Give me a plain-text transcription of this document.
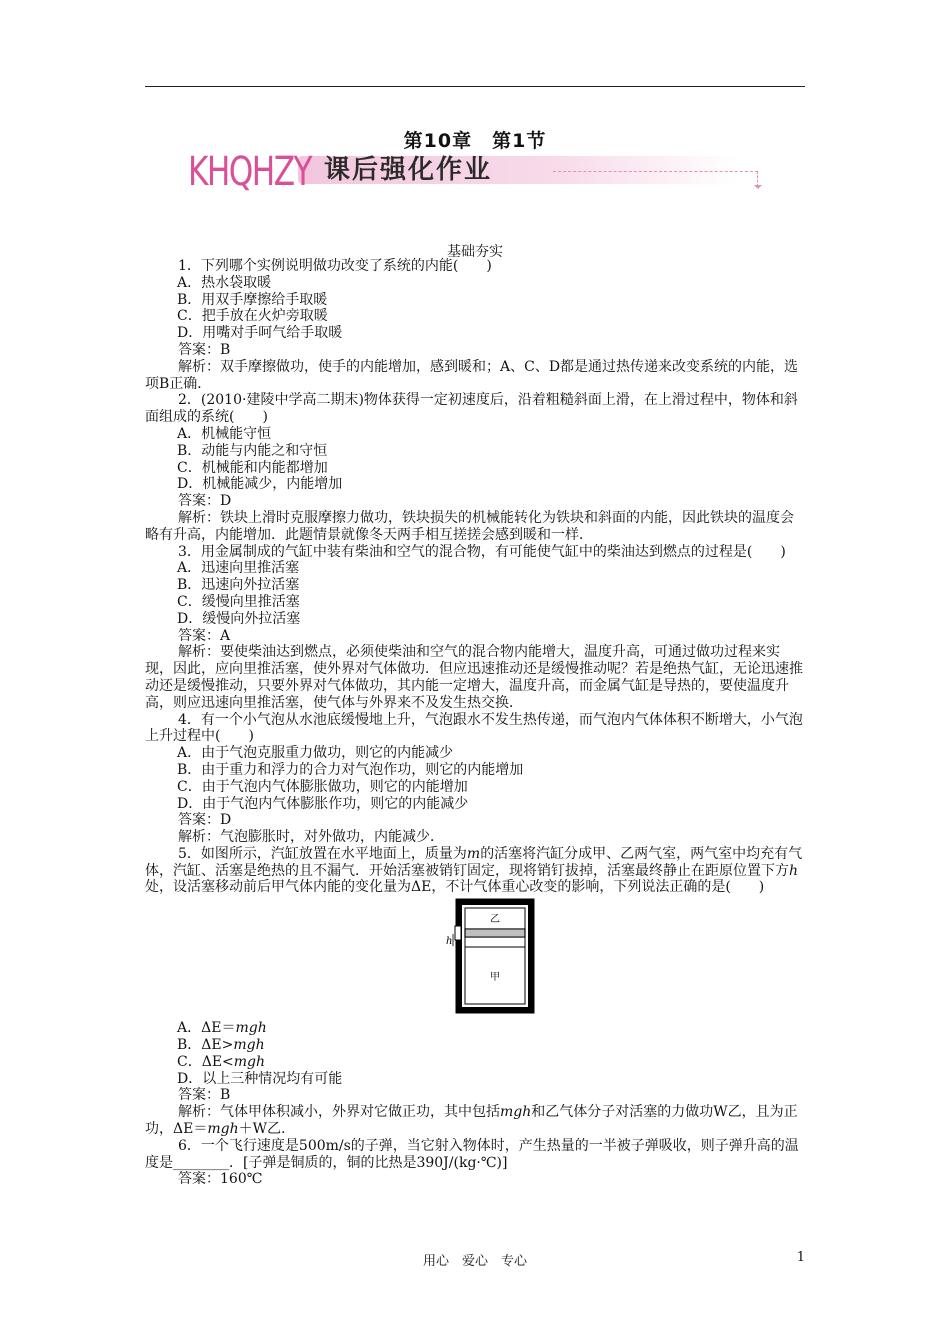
第10章　第1节
KHQHZY 课后强化作业
基础夯实

1．下列哪个实例说明做功改变了系统的内能(　　)

A．热水袋取暖

B．用双手摩擦给手取暖

C．把手放在火炉旁取暖

D．用嘴对手呵气给手取暖

答案：B

解析：双手摩擦做功，使手的内能增加，感到暖和；A、C、D都是通过热传递来改变系统的内能，选项B正确．

2．(2010·建陵中学高二期末)物体获得一定初速度后，沿着粗糙斜面上滑，在上滑过程中，物体和斜面组成的系统(　　)

A．机械能守恒

B．动能与内能之和守恒

C．机械能和内能都增加

D．机械能减少，内能增加

答案：D

解析：铁块上滑时克服摩擦力做功，铁块损失的机械能转化为铁块和斜面的内能，因此铁块的温度会略有升高，内能增加．此题情景就像冬天两手相互搓搓会感到暖和一样．

3．用金属制成的气缸中装有柴油和空气的混合物，有可能使气缸中的柴油达到燃点的过程是(　　)

A．迅速向里推活塞

B．迅速向外拉活塞

C．缓慢向里推活塞

D．缓慢向外拉活塞

答案：A

解析：要使柴油达到燃点，必须使柴油和空气的混合物内能增大，温度升高，可通过做功过程来实现，因此，应向里推活塞，使外界对气体做功．但应迅速推动还是缓慢推动呢？若是绝热气缸，无论迅速推动还是缓慢推动，只要外界对气体做功，其内能一定增大，温度升高，而金属气缸是导热的，要使温度升高，则应迅速向里推活塞，使气体与外界来不及发生热交换．

4．有一个小气泡从水池底缓慢地上升，气泡跟水不发生热传递，而气泡内气体体积不断增大，小气泡上升过程中(　　)

A．由于气泡克服重力做功，则它的内能减少

B．由于重力和浮力的合力对气泡作功，则它的内能增加

C．由于气泡内气体膨胀做功，则它的内能增加

D．由于气泡内气体膨胀作功，则它的内能减少

答案：D

解析：气泡膨胀时，对外做功，内能减少．

5．如图所示，汽缸放置在水平地面上，质量为m的活塞将汽缸分成甲、乙两气室，两气室中均充有气体，汽缸、活塞是绝热的且不漏气．开始活塞被销钉固定，现将销钉拔掉，活塞最终静止在距原位置下方h处，设活塞移动前后甲气体内能的变化量为ΔE，不计气体重心改变的影响，下列说法正确的是(　　)

乙
甲
h

A．ΔE＝mgh

B．ΔE>mgh

C．ΔE<mgh

D．以上三种情况均有可能

答案：B

解析：气体甲体积减小，外界对它做正功，其中包括mgh和乙气体分子对活塞的力做功W乙，且为正功，ΔE＝mgh＋W乙.

6．一个飞行速度是500m/s的子弹，当它射入物体时，产生热量的一半被子弹吸收，则子弹升高的温度是________．[子弹是铜质的，铜的比热是390J/(kg·℃)]

答案：160℃

用心　爱心　专心	1
